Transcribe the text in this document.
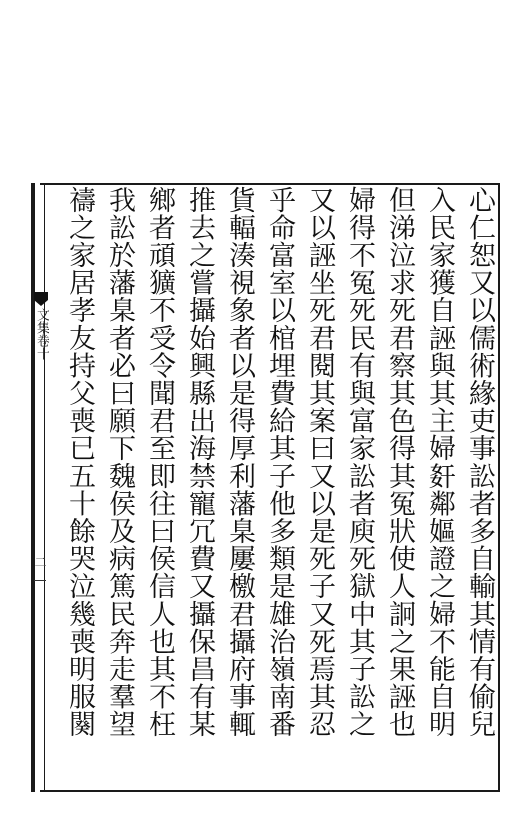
文集卷十
二	心仁恕又以儒術緣吏事訟者多自輸其情有偷兒
入民家獲自誣與其主婦姧鄰嫗證之婦不能自明
但涕泣求死君察其色得其冤狀使人詗之果誣也
婦得不冤死民有與富家訟者庾死獄中其子訟之
又以誣坐死君閱其案曰又以是死子又死焉其忍
乎命富室以棺埋費給其子他多類是雄治嶺南番
貨輻湊視象者以是得厚利藩臬屢檄君攝府事輒
推去之嘗攝始興縣出海禁寵冗費又攝保昌有某
鄉者頑獷不受令聞君至即往曰侯信人也其不枉
我訟於藩臬者必曰願下魏侯及病篤民奔走羣望
禱之家居孝友持父喪已五十餘哭泣幾喪明服闋
